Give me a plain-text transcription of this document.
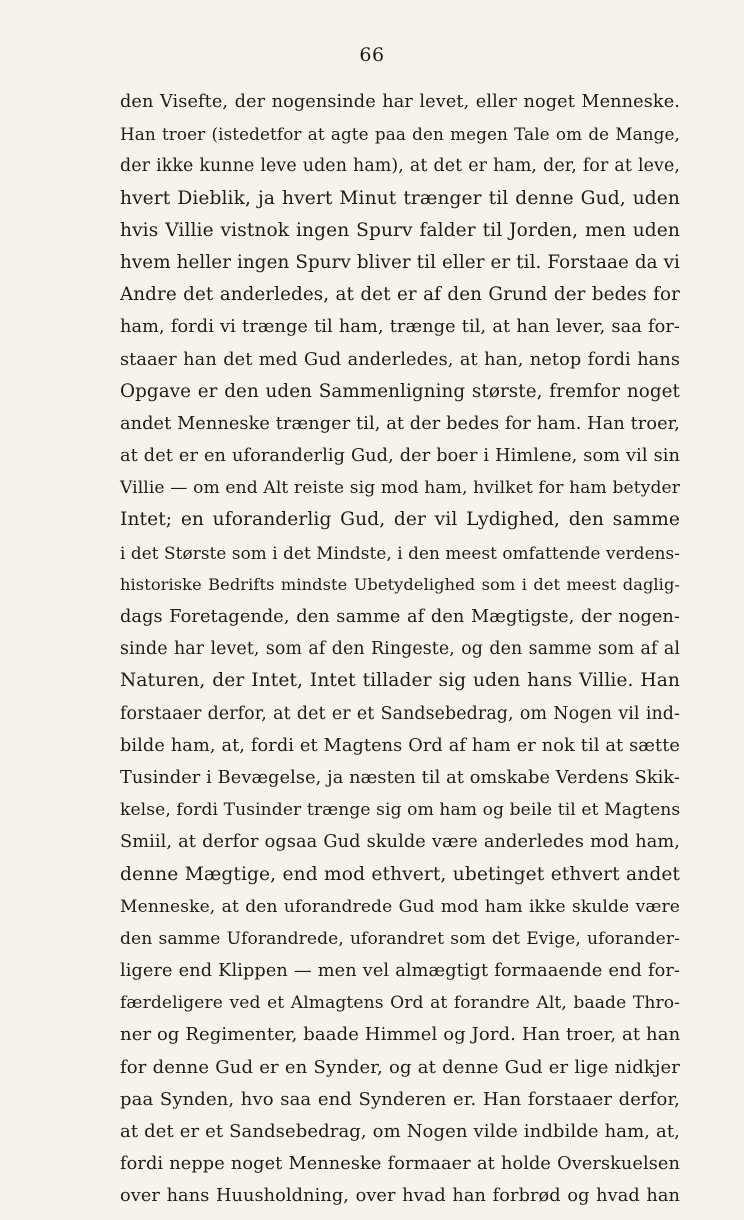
66
den Visefte, der nogensinde har levet, eller noget Menneske.
Han troer (istedetfor at agte paa den megen Tale om de Mange,
der ikke kunne leve uden ham), at det er ham, der, for at leve,
hvert Dieblik, ja hvert Minut trænger til denne Gud, uden
hvis Villie vistnok ingen Spurv falder til Jorden, men uden
hvem heller ingen Spurv bliver til eller er til. Forstaae da vi
Andre det anderledes, at det er af den Grund der bedes for
ham, fordi vi trænge til ham, trænge til, at han lever, saa for-
staaer han det med Gud anderledes, at han, netop fordi hans
Opgave er den uden Sammenligning største, fremfor noget
andet Menneske trænger til, at der bedes for ham. Han troer,
at det er en uforanderlig Gud, der boer i Himlene, som vil sin
Villie — om end Alt reiste sig mod ham, hvilket for ham betyder
Intet; en uforanderlig Gud, der vil Lydighed, den samme
i det Største som i det Mindste, i den meest omfattende verdens-
historiske Bedrifts mindste Ubetydelighed som i det meest daglig-
dags Foretagende, den samme af den Mægtigste, der nogen-
sinde har levet, som af den Ringeste, og den samme som af al
Naturen, der Intet, Intet tillader sig uden hans Villie. Han
forstaaer derfor, at det er et Sandsebedrag, om Nogen vil ind-
bilde ham, at, fordi et Magtens Ord af ham er nok til at sætte
Tusinder i Bevægelse, ja næsten til at omskabe Verdens Skik-
kelse, fordi Tusinder trænge sig om ham og beile til et Magtens
Smiil, at derfor ogsaa Gud skulde være anderledes mod ham,
denne Mægtige, end mod ethvert, ubetinget ethvert andet
Menneske, at den uforandrede Gud mod ham ikke skulde være
den samme Uforandrede, uforandret som det Evige, uforander-
ligere end Klippen — men vel almægtigt formaaende end for-
færdeligere ved et Almagtens Ord at forandre Alt, baade Thro-
ner og Regimenter, baade Himmel og Jord. Han troer, at han
for denne Gud er en Synder, og at denne Gud er lige nidkjer
paa Synden, hvo saa end Synderen er. Han forstaaer derfor,
at det er et Sandsebedrag, om Nogen vilde indbilde ham, at,
fordi neppe noget Menneske formaaer at holde Overskuelsen
over hans Huusholdning, over hvad han forbrød og hvad han
